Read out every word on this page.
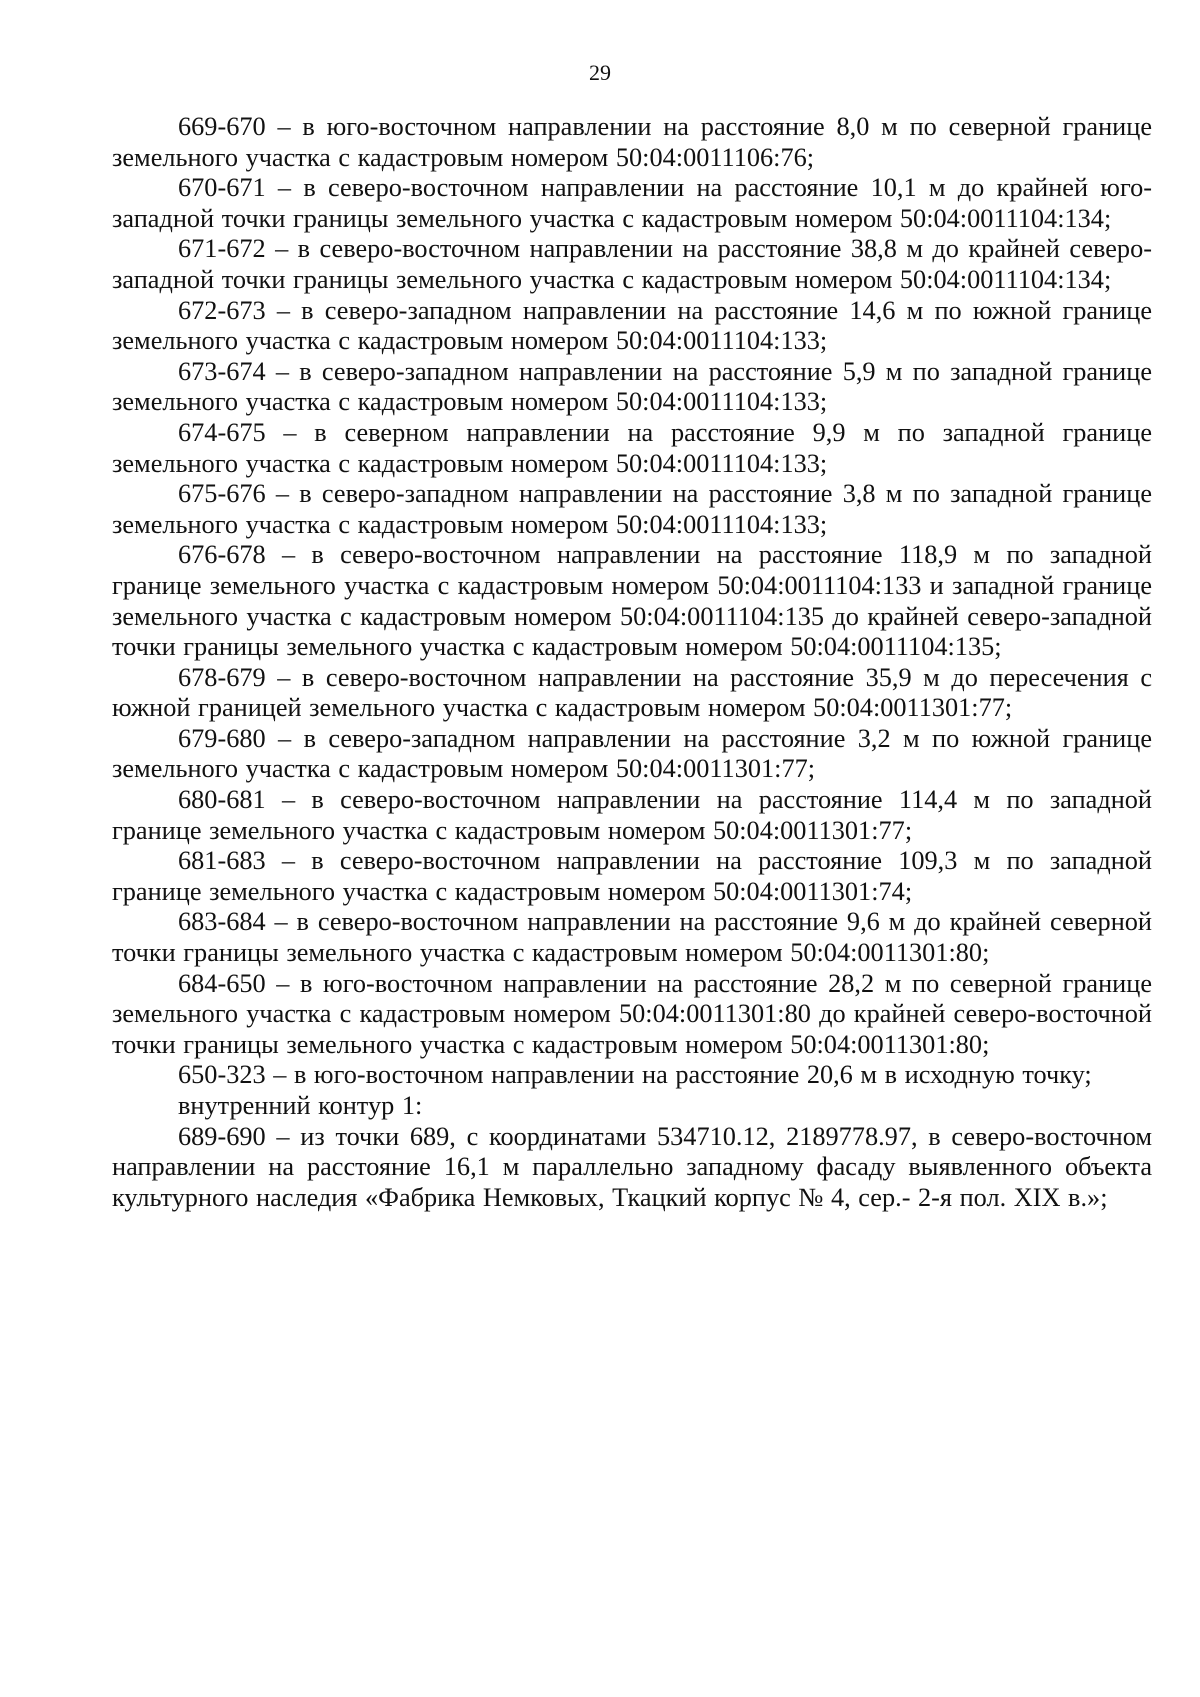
29

669-670 – в юго-восточном направлении на расстояние 8,0 м по северной границе земельного участка с кадастровым номером 50:04:0011106:76;

670-671 – в северо-восточном направлении на расстояние 10,1 м до крайней юго-западной точки границы земельного участка с кадастровым номером 50:04:0011104:134;

671-672 – в северо-восточном направлении на расстояние 38,8 м до крайней северо-западной точки границы земельного участка с кадастровым номером 50:04:0011104:134;

672-673 – в северо-западном направлении на расстояние 14,6 м по южной границе земельного участка с кадастровым номером 50:04:0011104:133;

673-674 – в северо-западном направлении на расстояние 5,9 м по западной границе земельного участка с кадастровым номером 50:04:0011104:133;

674-675 – в северном направлении на расстояние 9,9 м по западной границе земельного участка с кадастровым номером 50:04:0011104:133;

675-676 – в северо-западном направлении на расстояние 3,8 м по западной границе земельного участка с кадастровым номером 50:04:0011104:133;

676-678 – в северо-восточном направлении на расстояние 118,9 м по западной границе земельного участка с кадастровым номером 50:04:0011104:133 и западной границе земельного участка с кадастровым номером 50:04:0011104:135 до крайней северо-западной точки границы земельного участка с кадастровым номером 50:04:0011104:135;

678-679 – в северо-восточном направлении на расстояние 35,9 м до пересечения с южной границей земельного участка с кадастровым номером 50:04:0011301:77;

679-680 – в северо-западном направлении на расстояние 3,2 м по южной границе земельного участка с кадастровым номером 50:04:0011301:77;

680-681 – в северо-восточном направлении на расстояние 114,4 м по западной границе земельного участка с кадастровым номером 50:04:0011301:77;

681-683 – в северо-восточном направлении на расстояние 109,3 м по западной границе земельного участка с кадастровым номером 50:04:0011301:74;

683-684 – в северо-восточном направлении на расстояние 9,6 м до крайней северной точки границы земельного участка с кадастровым номером 50:04:0011301:80;

684-650 – в юго-восточном направлении на расстояние 28,2 м по северной границе земельного участка с кадастровым номером 50:04:0011301:80 до крайней северо-восточной точки границы земельного участка с кадастровым номером 50:04:0011301:80;

650-323 – в юго-восточном направлении на расстояние 20,6 м в исходную точку;

внутренний контур 1:

689-690 – из точки 689, с координатами 534710.12, 2189778.97, в северо-восточном направлении на расстояние 16,1 м параллельно западному фасаду выявленного объекта культурного наследия «Фабрика Немковых, Ткацкий корпус № 4, сер.- 2-я пол. XIX в.»;
